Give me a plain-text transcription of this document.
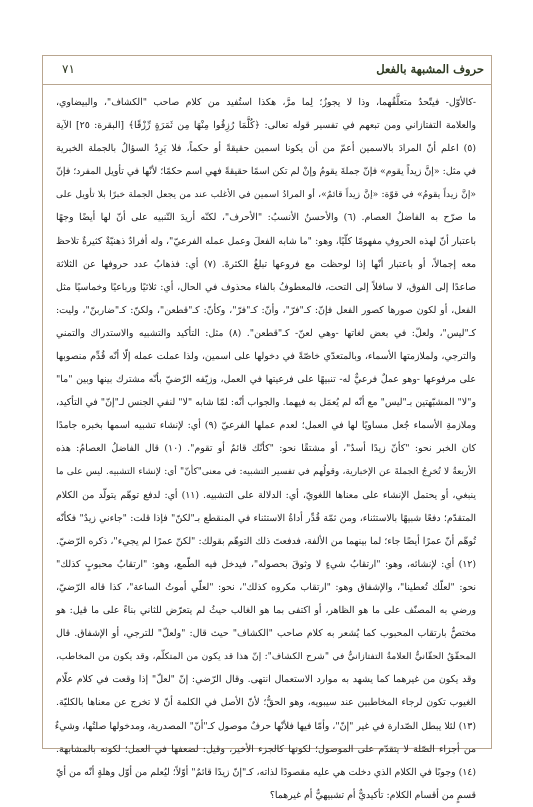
حروف المشبهة بالفعل
٧١
-كالأوّل- فيتّحدُ متعلَّقُهما، وذا لا يجوزُ؛ لِما مرَّ، هكذا استُفيد من كلام صاحب "الكشاف"، والبيضاوي،
والعلامة التفتازاني ومن تبعهم في تفسير قوله تعالى: ﴿كُلَّمَا رُزِقُوا مِنْهَا مِن ثَمَرَةٍ رِّزْقًا﴾ [البقرة: ٢٥] الآية
(٥) اعلم أنّ المرادَ بالاسمين أعمّ من أن يكونا اسمين حقيقةً أو حكماً، فلا يَرِدُ السؤالُ بالجملة الخبرية
في مثل: «إنَّ زيداً يقوم» فإنّ جملةَ يقومُ وإنْ لم تكن اسمًا حقيقةً فهي اسم حكمًا؛ لأنّها في تأويل المفرد؛ فإنّ
«إنَّ زيداً يقومُ» في قوّة: «إنَّ زيداً قائمٌ»، أو المرادُ اسمين في الأغلب عند من يجعل الجملة خبرًا بلا تأويل على
ما صرّح به الفاضلُ العصام. (٦) والأحسنُ الأنسبُ: "الأحرف"، لكنّه أريدَ التّنبيه على أنّ لها أيضًا وجهًا
باعتبار أنّ لهذه الحروفِ مفهومًا كلّيًا، وهو: "ما شابه الفعلَ وعمل عمله الفرعيّ"، وله أفرادٌ ذهنيّةٌ كثيرةٌ تلاحظ
معه إجمالاً، أو باعتبار أنّها إذا لوحظت مع فروعها تبلغُ الكثرةَ. (٧) أي: فذهابُ عدد حروفها عن الثلاثة
صاعدًا إلى الفوق، لا سافلاً إلى التحت، فالمعطوفُ بالفاء محذوف في الحال، أي: ثلاثيًا ورباعيًا وخماسيًا مثل
الفعل، أو لكون صورها كصور الفعل فإنّ: كـ"فرّ"، وأنّ: كـ"فرّ"، وكأنّ: كـ"قطعن"، ولكنّ: كـ"ضاربنّ"، وليت:
كـ"ليس"، ولعلّ: في بعض لغاتها -وهي لعنّ- كـ"قطعن". (٨) مثل: التأكيد والتشبيه والاستدراك والتمني
والترجي، ولملازمتها الأسماء، وبالمتعدّي خاصّةً في دخولها على اسمين، ولذا عملت عمله إلّا أنّه قُدِّم منصوبها
على مرفوعها -وهو عملٌ فرعيٌّ له- تنبيهًا على فرعيتها في العمل، وزيّفه الرّضيّ بأنّه مشترك بينها وبين "ما"
و"لا" المشبّهتين بـ"ليس" مع أنّه لم يُعمَل به فيهما. والجواب أنّه: لمّا شابه "لا" لنفي الجنس لـ"إنّ" في التأكيد،
وملازمةِ الأسماء جُعل مساويًا لها في العمل؛ لعدم عملها الفرعيّ (٩) أي: لإنشاء تشبيه اسمها بخبره جامدًا
كان الخبر نحو: "كأنّ زيدًا أسدٌ"، أو مشتقًا نحو: "كأنّك قائمٌ أو تقوم". (١٠) قال الفاضلُ العصامُ: هذه
الأربعةُ لا تُخرِجُ الجملةَ عن الإخبارية، وقولُهم في تفسير التشبيه: في معنى"كأنّ" أي: لإنشاء التشبيه. ليس على ما
ينبغي، أو يحتمل الإنشاء على معناها اللغويّ، أي: الدلالة على التشبيه. (١١) أي: لدفع توهّم يتولّد من الكلام
المتقدّم؛ دفعًا شبيهًا بالاستثناء، ومن ثمّة قُدِّر أداةُ الاستثناء في المنقطع بـ"لكنّ" فإذا قلت: "جاءني زيدٌ" فكأنّه
تُوهّم أنّ عمرًا أيضًا جاء؛ لما بينهما من الألفة، فدفعتَ ذلك التوهّم بقولك: "لكنّ عمرًا لم يجيء"، ذكره الرّضيّ.
(١٢) أي: لإنشائه، وهو: "ارتقابُ شيءٍ لا وثوقَ بحصوله"، فيدخل فيه الطّمع، وهو: "ارتقابُ محبوبٍ كذلك"
نحو: "لعلّك تُعطينا"، والإشفاق وهو: "ارتقاب مكروه كذلك"، نحو: "لعلّي أموتُ الساعة"، كذا قاله الرّضيّ،
ورضي به المصنّف على ما هو الظاهر، أو اكتفى بما هو الغالب حيثُ لم يتعرّض للثاني بناءً على ما قيل: هو
مختصٌّ بارتقاب المحبوب كما يُشعر به كلام صاحب "الكشاف" حيث قال: "ولعلّ" للترجي، أو الإشفاق. قال
المحقّقُ الحقّانيُّ العلامةُ التفتازانيُّ في "شرح الكشاف": إنّ هذا قد يكون من المتكلّم، وقد يكون من المخاطب،
وقد يكون من غيرهما كما يشهد به موارد الاستعمال انتهى. وقال الرّضي: إنّ "لعلّ" إذا وقعت في كلام علّام
الغيوب تكون لرجاء المخاطبين عند سيبويه، وهو الحقُّ؛ لأنّ الأصل في الكلمة أنّ لا تخرج عن معناها بالكليّة.
(١٣) لئلا يبطل الصّدارة في غير "إنّ"، وأمّا فيها فلأنّها حرفٌ موصول كـ"أنّ" المصدرية، ومدخولها صلتُها، وشيءٌ
من أجزاء الصّلة لا يتقدّم على الموصول؛ لكونها كالجزء الأخير، وقيل: لضعفها في العمل؛ لكونه بالمشابهة.
(١٤) وجوبًا في الكلام الذي دخلت هي عليه مقصودًا لذاته، كـ"إنّ زيدًا قائمٌ" أوّلاً؛ ليُعلم من أوّل وهلةٍ أنّه من أيّ
قسمٍ من أقسام الكلام: تأكيديٌّ أم تشبيهيٌّ أم غيرهما؟
